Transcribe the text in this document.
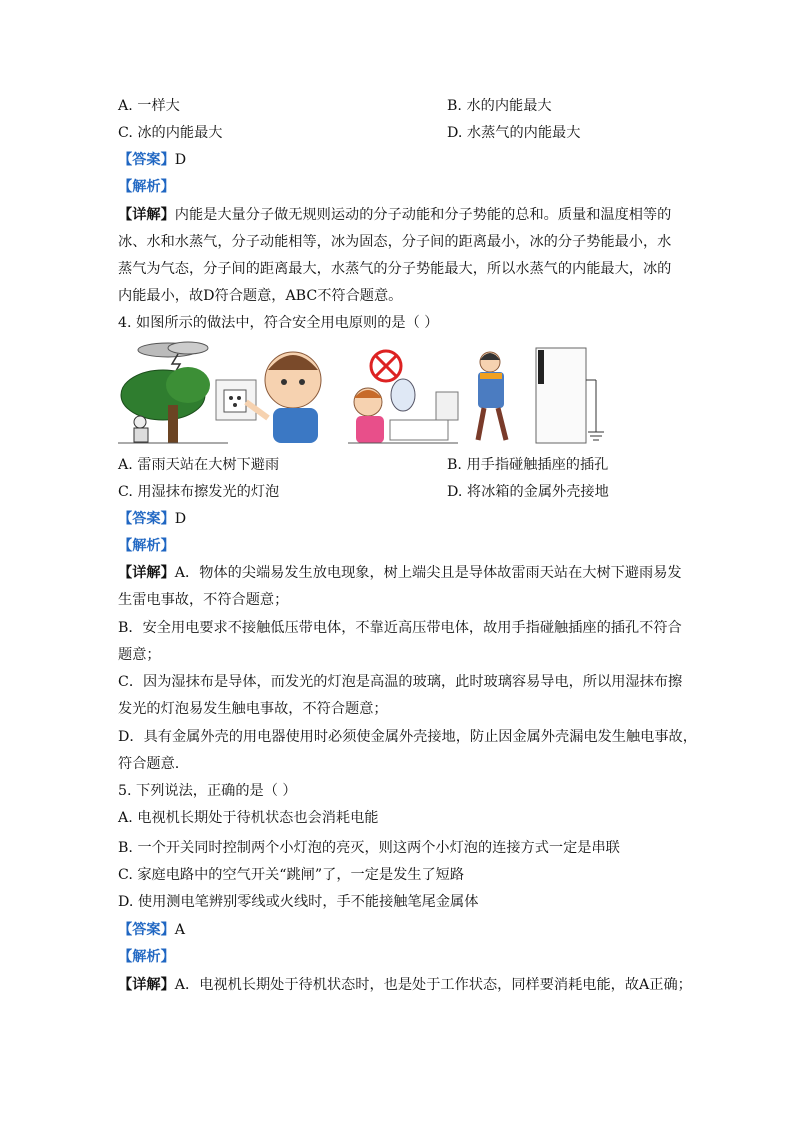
A. 一样大	B. 水的内能最大
C. 冰的内能最大	D. 水蒸气的内能最大
【答案】D
【解析】
【详解】内能是大量分子做无规则运动的分子动能和分子势能的总和。质量和温度相等的
冰、水和水蒸气，分子动能相等，冰为固态，分子间的距离最小，冰的分子势能最小，水
蒸气为气态，分子间的距离最大，水蒸气的分子势能最大，所以水蒸气的内能最大，冰的
内能最小，故D符合题意，ABC不符合题意。
4. 如图所示的做法中，符合安全用电原则的是（ ）
A. 雷雨天站在大树下避雨	B. 用手指碰触插座的插孔
C. 用湿抹布擦发光的灯泡	D. 将冰箱的金属外壳接地
【答案】D
【解析】
【详解】A．物体的尖端易发生放电现象，树上端尖且是导体故雷雨天站在大树下避雨易发
生雷电事故，不符合题意；
B．安全用电要求不接触低压带电体，不靠近高压带电体，故用手指碰触插座的插孔不符合
题意；
C．因为湿抹布是导体，而发光的灯泡是高温的玻璃，此时玻璃容易导电，所以用湿抹布擦
发光的灯泡易发生触电事故，不符合题意；
D．具有金属外壳的用电器使用时必须使金属外壳接地，防止因金属外壳漏电发生触电事故，
符合题意.
5. 下列说法，正确的是（ ）
A. 电视机长期处于待机状态也会消耗电能
B. 一个开关同时控制两个小灯泡的亮灭，则这两个小灯泡的连接方式一定是串联
C. 家庭电路中的空气开关“跳闸”了，一定是发生了短路
D. 使用测电笔辨别零线或火线时，手不能接触笔尾金属体
【答案】A
【解析】
【详解】A．电视机长期处于待机状态时，也是处于工作状态，同样要消耗电能，故A正确；
